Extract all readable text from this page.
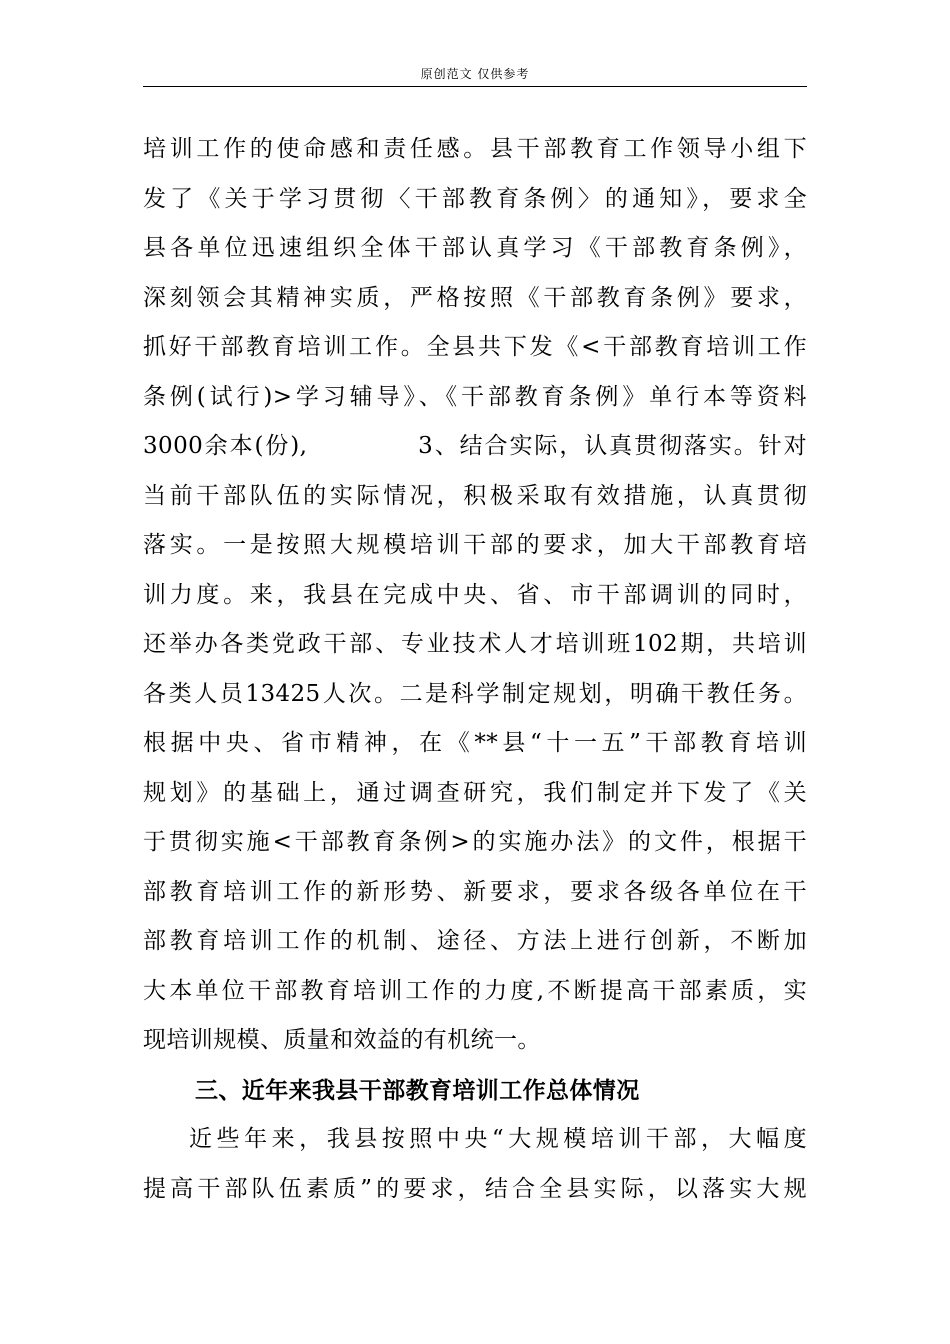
原创范文 仅供参考
培训工作的使命感和责任感。县干部教育工作领导小组下
发了《关于学习贯彻〈干部教育条例〉的通知》，要求全
县各单位迅速组织全体干部认真学习《干部教育条例》，
深刻领会其精神实质，严格按照《干部教育条例》要求，
抓好干部教育培训工作。全县共下发《<干部教育培训工作
条例(试行)>学习辅导》、《干部教育条例》单行本等资料
3000余本(份),            3、结合实际，认真贯彻落实。针对
当前干部队伍的实际情况，积极采取有效措施，认真贯彻
落实。一是按照大规模培训干部的要求，加大干部教育培
训力度。来，我县在完成中央、省、市干部调训的同时，
还举办各类党政干部、专业技术人才培训班102期，共培训
各类人员13425人次。二是科学制定规划，明确干教任务。
根据中央、省市精神，在《**县“十一五”干部教育培训
规划》的基础上，通过调查研究，我们制定并下发了《关
于贯彻实施<干部教育条例>的实施办法》的文件，根据干
部教育培训工作的新形势、新要求，要求各级各单位在干
部教育培训工作的机制、途径、方法上进行创新，不断加
大本单位干部教育培训工作的力度,不断提高干部素质，实
现培训规模、质量和效益的有机统一。
三、近年来我县干部教育培训工作总体情况
近些年来，我县按照中央“大规模培训干部，大幅度
提高干部队伍素质”的要求，结合全县实际，以落实大规
